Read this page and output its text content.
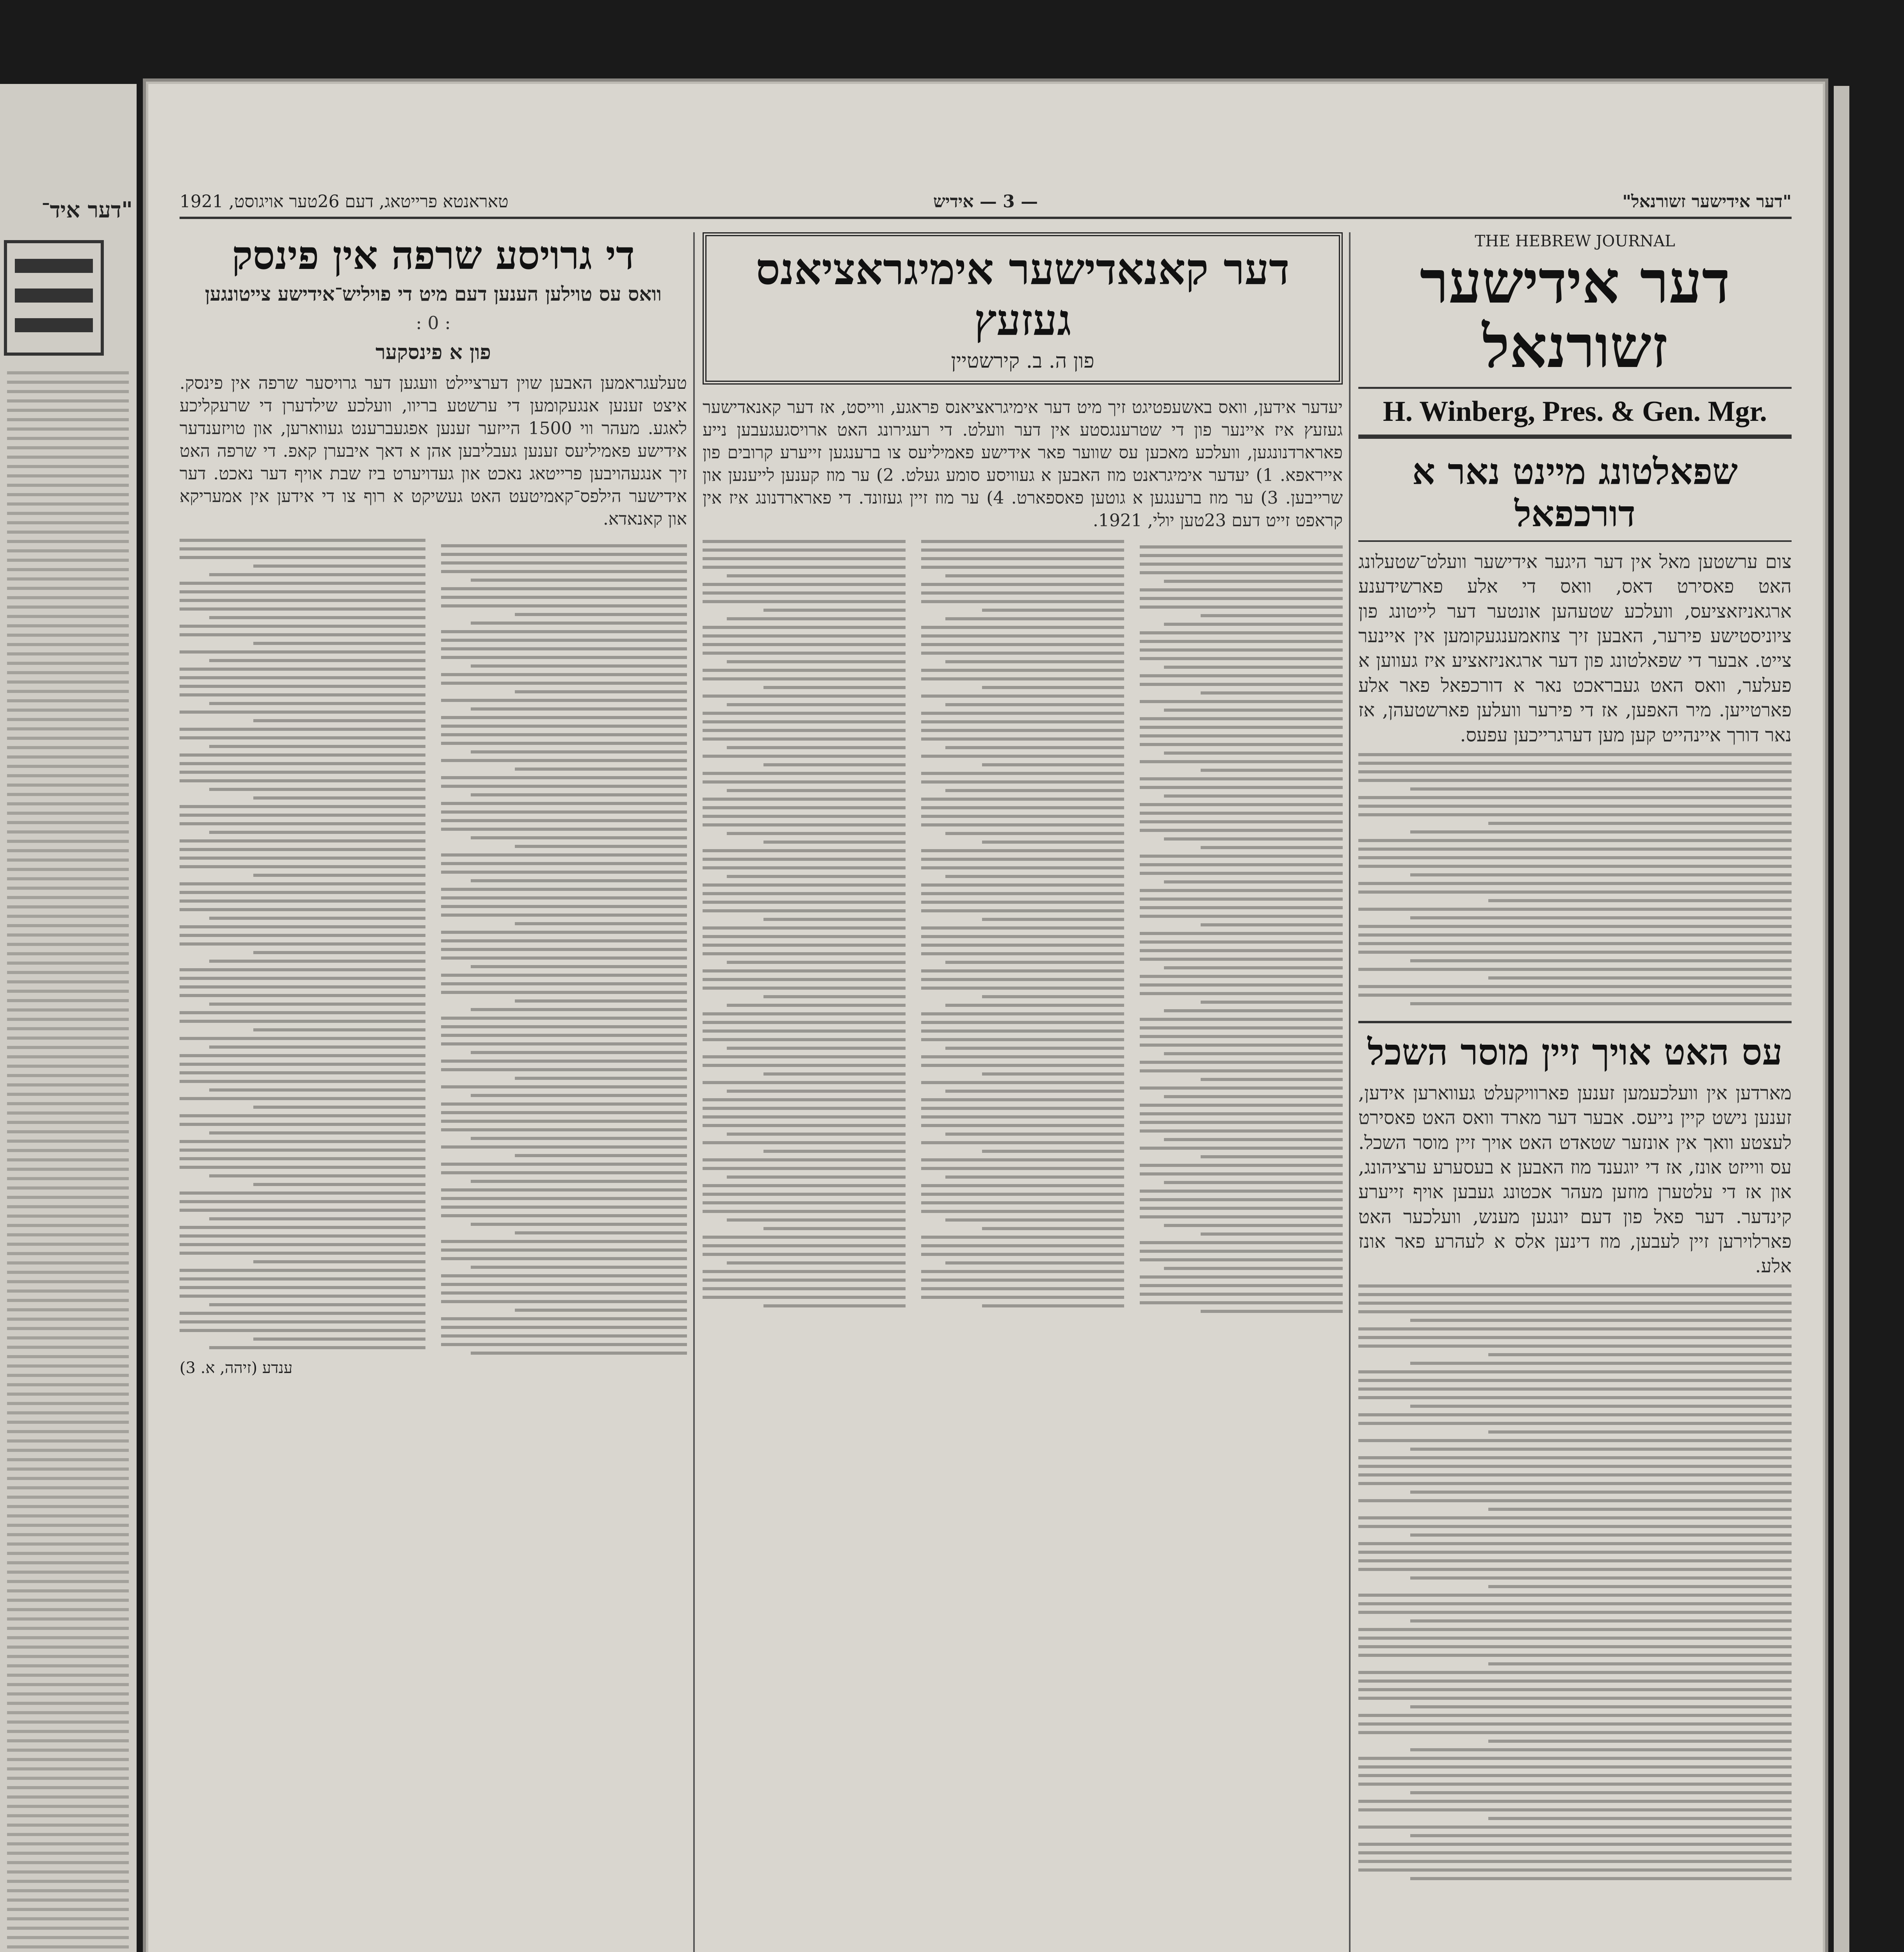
"דער איד־	"דער אידישער זשורנאל"
— 3 — אידיש
טאראנטא פרייטאג, דעם 26טער אויגוסט, 1921
THE HEBREW JOURNAL
דער אידישער זשורנאל
H. Winberg, Pres. & Gen. Mgr.
שפאלטונג מיינט נאר א דורכפאל
צום ערשטען מאל אין דער היגער אידישער וועלט־שטעלונג האט פאסירט דאס, וואס די אלע פארשידענע ארגאניזאציעס, וועלכע שטעהען אונטער דער לייטונג פון ציוניסטישע פירער, האבען זיך צוזאמענגעקומען אין איינער צייט. אבער די שפאלטונג פון דער ארגאניזאציע איז געווען א פעלער, וואס האט געבראכט נאר א דורכפאל פאר אלע פארטייען. מיר האפען, אז די פירער וועלען פארשטעהן, אז נאר דורך איינהייט קען מען דערגרייכען עפעס.
עס האט אויך זיין מוסר השכל
מארדען אין וועלכעמען זענען פארוויקעלט געווארען אידען, זענען נישט קיין נייעס. אבער דער מארד וואס האט פאסירט לעצטע וואך אין אונזער שטאדט האט אויך זיין מוסר השכל. עס ווייזט אונז, אז די יוגענד מוז האבען א בעסערע ערציהונג, און אז די עלטערן מוזען מעהר אכטונג געבען אויף זייערע קינדער. דער פאל פון דעם יונגען מענש, וועלכער האט פארלוירען זיין לעבען, מוז דינען אלס א לעהרע פאר אונז אלע.
דער קאנאדישער אימיגראציאנס געזעץ
פון ה. ב. קירשטיין
יעדער אידען, וואס באשעפטיגט זיך מיט דער אימיגראציאנס פראגע, ווייסט, אז דער קאנאדישער געזעץ איז איינער פון די שטרענגסטע אין דער וועלט. די רעגירונג האט ארויסגעגעבען נייע פארארדנונגען, וועלכע מאכען עס שווער פאר אידישע פאמיליעס צו ברענגען זייערע קרובים פון אייראפא. 1) יעדער אימיגראנט מוז האבען א געוויסע סומע געלט. 2) ער מוז קענען לייענען און שרייבען. 3) ער מוז ברענגען א גוטען פאספארט. 4) ער מוז זיין געזונד. די פארארדנונג איז אין קראפט זייט דעם 23טען יולי, 1921.
די גרויסע שרפה אין פינסק
וואס עס טוילען הענען דעם מיט די פויליש־אידישע צייטונגען
: 0 :
פון א פינסקער
טעלעגראמען האבען שוין דערציילט וועגען דער גרויסער שרפה אין פינסק. איצט זענען אנגעקומען די ערשטע בריוו, וועלכע שילדערן די שרעקליכע לאגע. מעהר ווי 1500 הייזער זענען אפגעברענט געווארען, און טויזענדער אידישע פאמיליעס זענען געבליבען אהן א דאך איבערן קאפ. די שרפה האט זיך אנגעהויבען פרייטאג נאכט און געדויערט ביז שבת אויף דער נאכט. דער אידישער הילפס־קאמיטעט האט געשיקט א רוף צו די אידען אין אמעריקא און קאנאדא.
ענדע (זיהה, א. 3)
